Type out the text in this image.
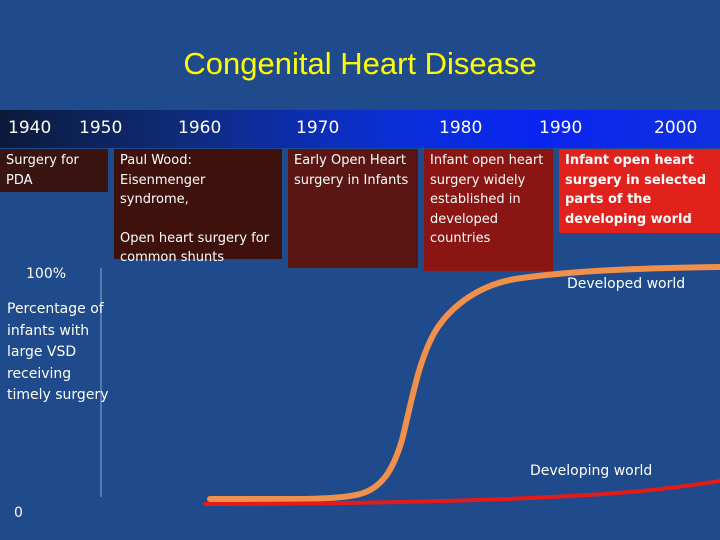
Congenital Heart Disease
1940 1950	1960	1970	1980	1990	2000
Surgery for PDA
Paul Wood: Eisenmenger syndrome,
Open heart surgery for common shunts
Early Open Heart surgery in Infants
Infant open heart surgery widely established in developed countries
Infant open heart surgery in selected parts of the developing world
100%
0
Percentage of infants with large VSD receiving timely surgery
Developed world
Developing world
